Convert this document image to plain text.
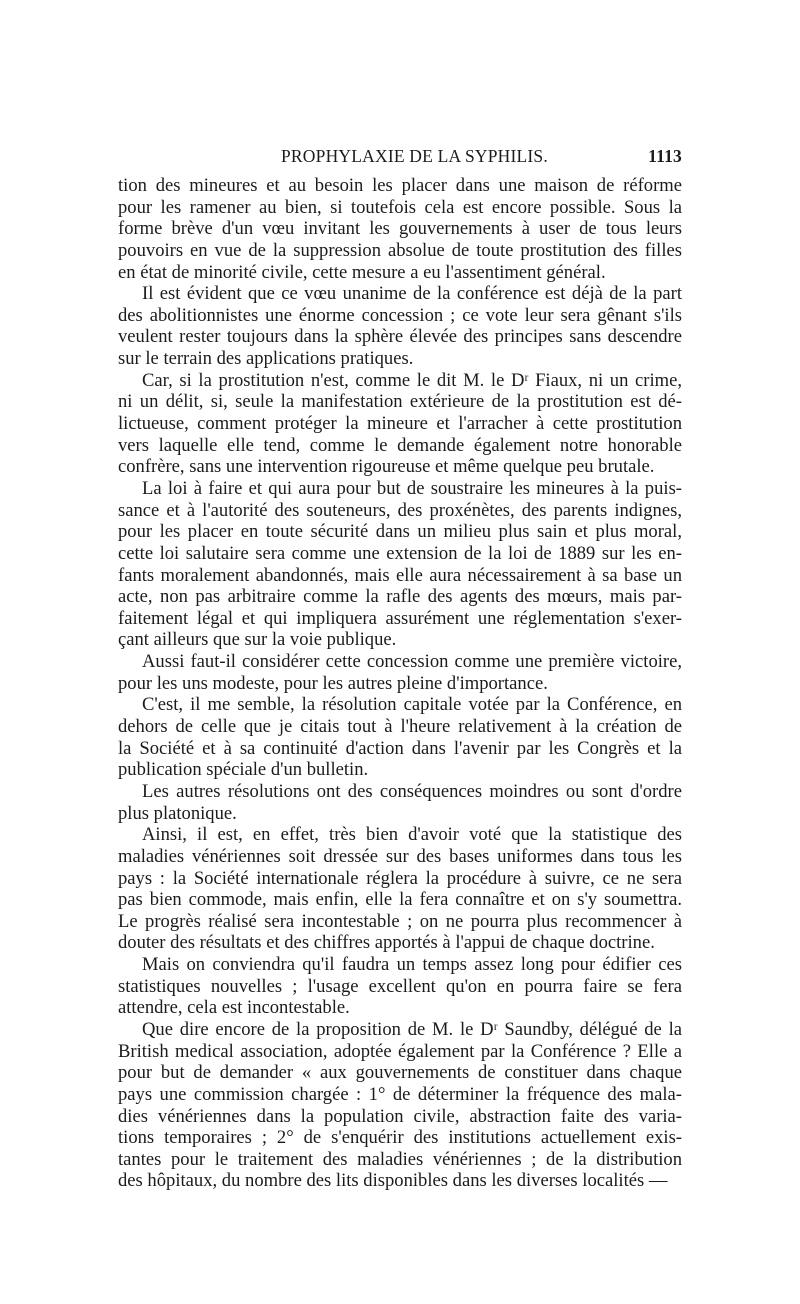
PROPHYLAXIE DE LA SYPHILIS.	1113
tion des mineures et au besoin les placer dans une maison de réforme
pour les ramener au bien, si toutefois cela est encore possible. Sous la
forme brève d'un vœu invitant les gouvernements à user de tous leurs
pouvoirs en vue de la suppression absolue de toute prostitution des filles
en état de minorité civile, cette mesure a eu l'assentiment général.
Il est évident que ce vœu unanime de la conférence est déjà de la part
des abolitionnistes une énorme concession ; ce vote leur sera gênant s'ils
veulent rester toujours dans la sphère élevée des principes sans descendre
sur le terrain des applications pratiques.
Car, si la prostitution n'est, comme le dit M. le Dʳ Fiaux, ni un crime,
ni un délit, si, seule la manifestation extérieure de la prostitution est dé-
lictueuse, comment protéger la mineure et l'arracher à cette prostitution
vers laquelle elle tend, comme le demande également notre honorable
confrère, sans une intervention rigoureuse et même quelque peu brutale.
La loi à faire et qui aura pour but de soustraire les mineures à la puis-
sance et à l'autorité des souteneurs, des proxénètes, des parents indignes,
pour les placer en toute sécurité dans un milieu plus sain et plus moral,
cette loi salutaire sera comme une extension de la loi de 1889 sur les en-
fants moralement abandonnés, mais elle aura nécessairement à sa base un
acte, non pas arbitraire comme la rafle des agents des mœurs, mais par-
faitement légal et qui impliquera assurément une réglementation s'exer-
çant ailleurs que sur la voie publique.
Aussi faut-il considérer cette concession comme une première victoire,
pour les uns modeste, pour les autres pleine d'importance.
C'est, il me semble, la résolution capitale votée par la Conférence, en
dehors de celle que je citais tout à l'heure relativement à la création de
la Société et à sa continuité d'action dans l'avenir par les Congrès et la
publication spéciale d'un bulletin.
Les autres résolutions ont des conséquences moindres ou sont d'ordre
plus platonique.
Ainsi, il est, en effet, très bien d'avoir voté que la statistique des
maladies vénériennes soit dressée sur des bases uniformes dans tous les
pays : la Société internationale réglera la procédure à suivre, ce ne sera
pas bien commode, mais enfin, elle la fera connaître et on s'y soumettra.
Le progrès réalisé sera incontestable ; on ne pourra plus recommencer à
douter des résultats et des chiffres apportés à l'appui de chaque doctrine.
Mais on conviendra qu'il faudra un temps assez long pour édifier ces
statistiques nouvelles ; l'usage excellent qu'on en pourra faire se fera
attendre, cela est incontestable.
Que dire encore de la proposition de M. le Dʳ Saundby, délégué de la
British medical association, adoptée également par la Conférence ? Elle a
pour but de demander « aux gouvernements de constituer dans chaque
pays une commission chargée : 1° de déterminer la fréquence des mala-
dies vénériennes dans la population civile, abstraction faite des varia-
tions temporaires ; 2° de s'enquérir des institutions actuellement exis-
tantes pour le traitement des maladies vénériennes ; de la distribution
des hôpitaux, du nombre des lits disponibles dans les diverses localités —
